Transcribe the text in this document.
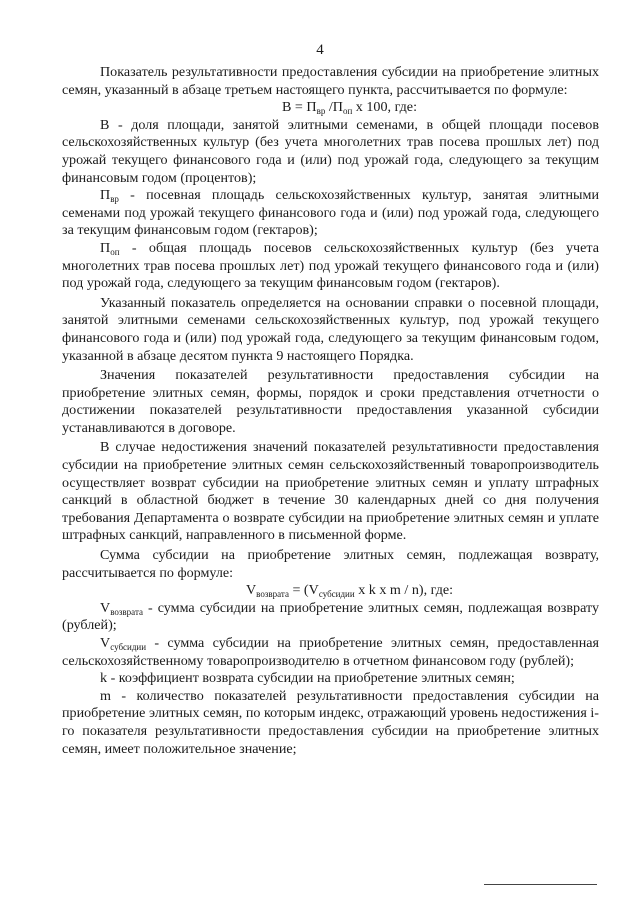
4

Показатель результативности предоставления субсидии на приобретение элитных семян, указанный в абзаце третьем настоящего пункта, рассчитывается по формуле:

$В = П_{вр}$ $/П_{оп}$ х 100, где:

В - доля площади, занятой элитными семенами, в общей площади посевов сельскохозяйственных культур (без учета многолетних трав посева прошлых лет) под урожай текущего финансового года и (или) под урожай года, следующего за текущим финансовым годом (процентов);

$П_{вр}$ - посевная площадь сельскохозяйственных культур, занятая элитными семенами под урожай текущего финансового года и (или) под урожай года, следующего за текущим финансовым годом (гектаров);

$П_{оп}$ - общая площадь посевов сельскохозяйственных культур (без учета многолетних трав посева прошлых лет) под урожай текущего финансового года и (или) под урожай года, следующего за текущим финансовым годом (гектаров).

Указанный показатель определяется на основании справки о посевной площади, занятой элитными семенами сельскохозяйственных культур, под урожай текущего финансового года и (или) под урожай года, следующего за текущим финансовым годом, указанной в абзаце десятом пункта 9 настоящего Порядка.

Значения показателей результативности предоставления субсидии на приобретение элитных семян, формы, порядок и сроки представления отчетности о достижении показателей результативности предоставления указанной субсидии устанавливаются в договоре.

В случае недостижения значений показателей результативности предоставления субсидии на приобретение элитных семян сельскохозяйственный товаропроизводитель осуществляет возврат субсидии на приобретение элитных семян и уплату штрафных санкций в областной бюджет в течение 30 календарных дней со дня получения требования Департамента о возврате субсидии на приобретение элитных семян и уплате штрафных санкций, направленного в письменной форме.

Сумма субсидии на приобретение элитных семян, подлежащая возврату, рассчитывается по формуле:

$V_{возврата} = (V_{субсидии}$ x k x m / n), где:

$V_{возврата}$ - сумма субсидии на приобретение элитных семян, подлежащая возврату (рублей);

$V_{субсидии}$ - сумма субсидии на приобретение элитных семян, предоставленная сельскохозяйственному товаропроизводителю в отчетном финансовом году (рублей);

k - коэффициент возврата субсидии на приобретение элитных семян;

m - количество показателей результативности предоставления субсидии на приобретение элитных семян, по которым индекс, отражающий уровень недостижения i-го показателя результативности предоставления субсидии на приобретение элитных семян, имеет положительное значение;
